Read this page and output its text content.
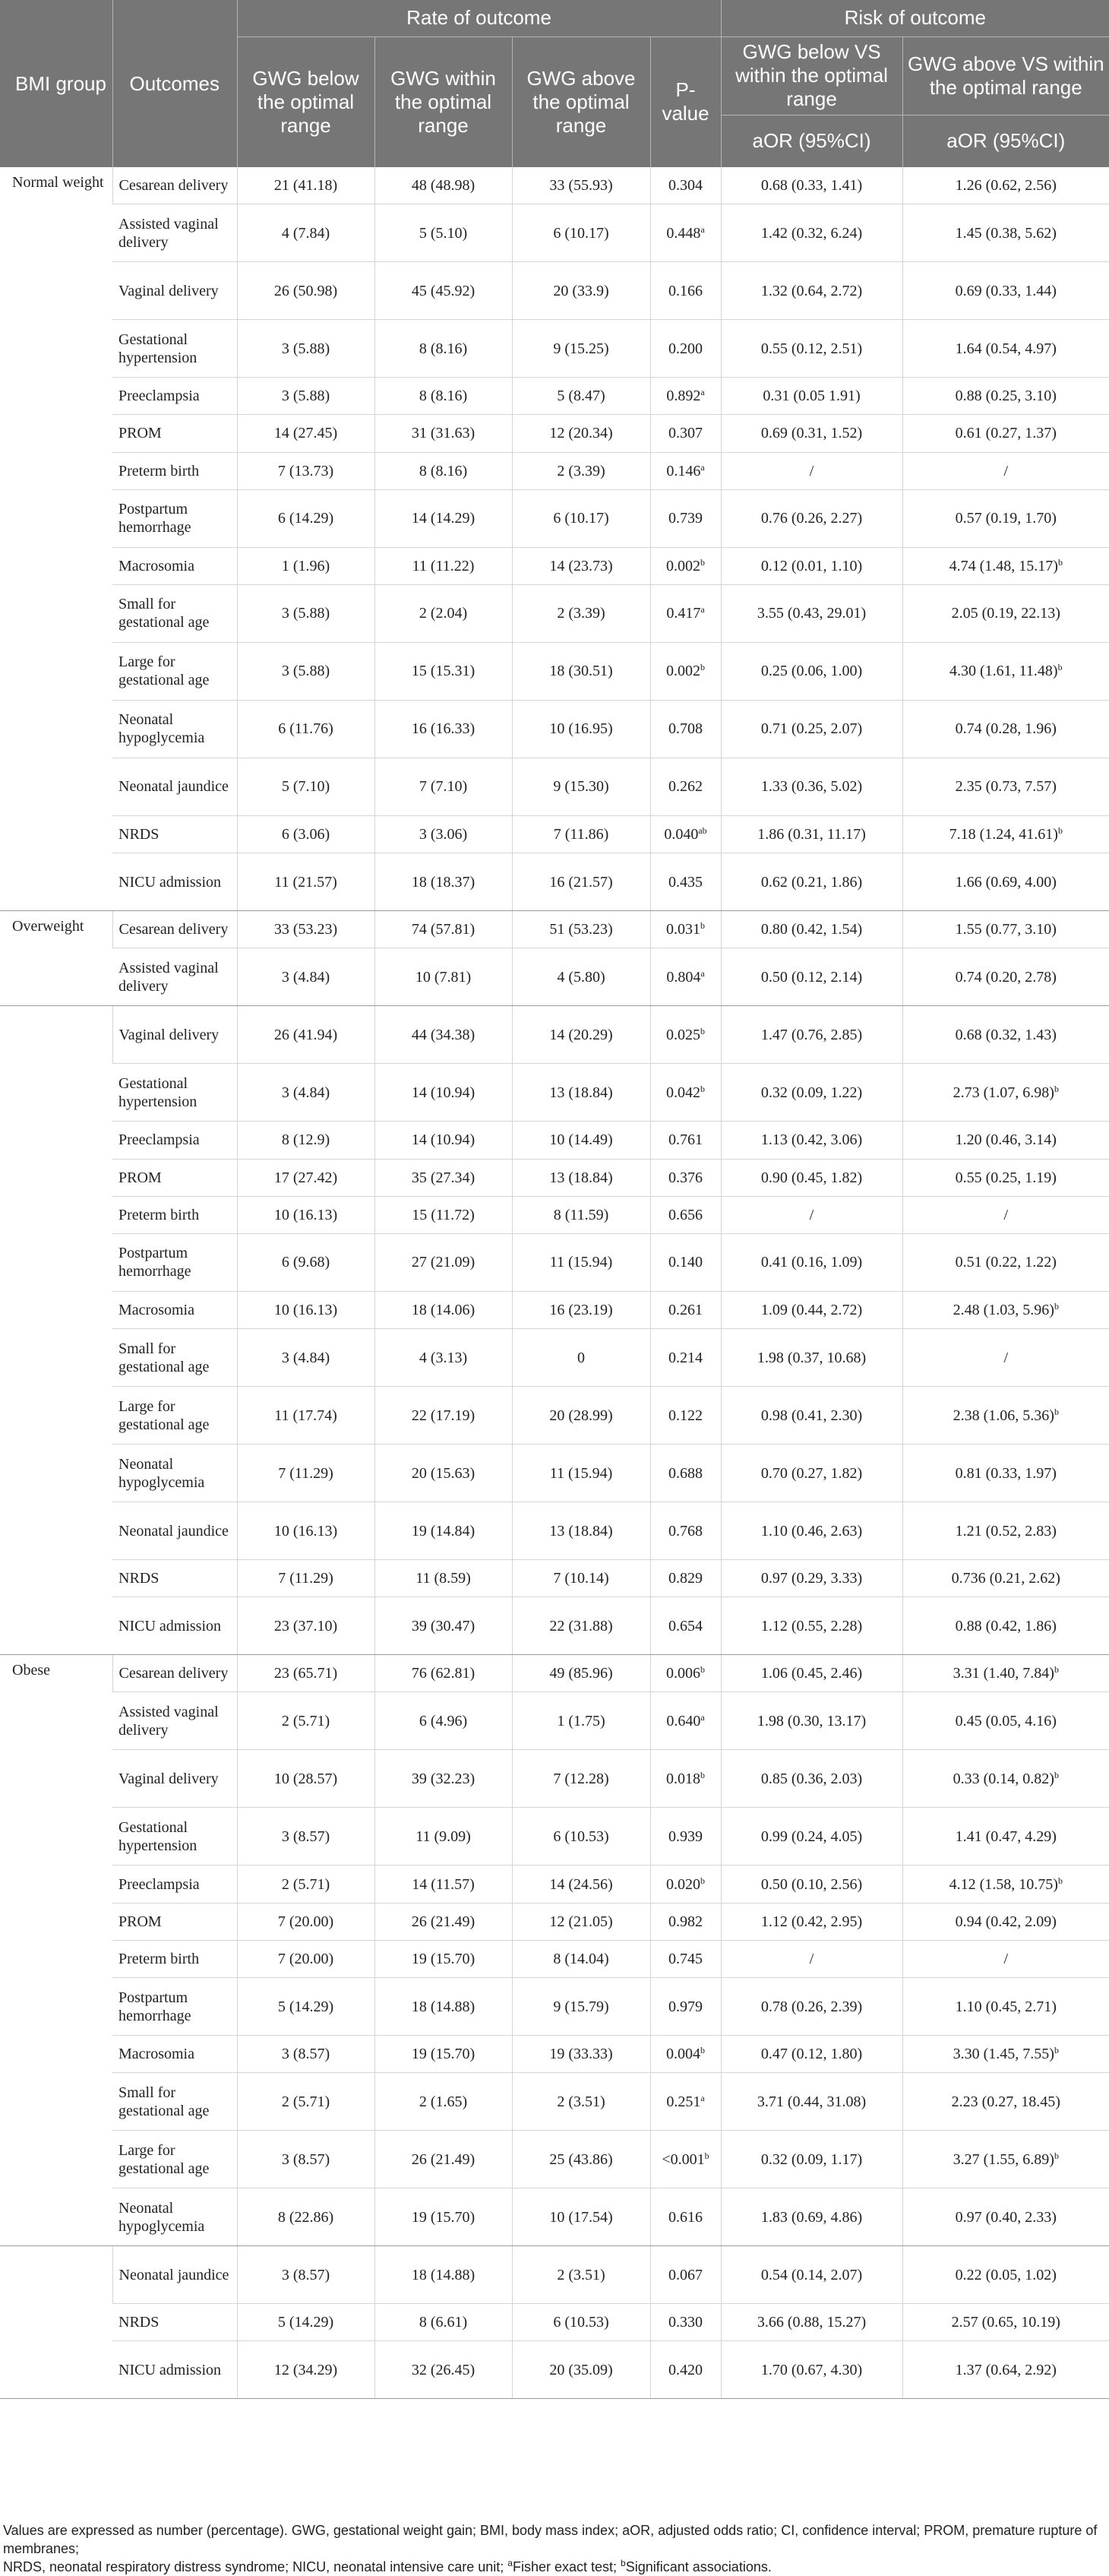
BMI group	Outcomes	Rate of outcome				Risk of outcome	
		GWG below the optimal range	GWG within the optimal range	GWG above the optimal range	P-value	GWG below VS within the optimal range	GWG above VS within the optimal range
						aOR (95%CI)	aOR (95%CI)
Normal weight	Cesarean delivery	21 (41.18)	48 (48.98)	33 (55.93)	0.304	0.68 (0.33, 1.41)	1.26 (0.62, 2.56)
	Assisted vaginal delivery	4 (7.84)	5 (5.10)	6 (10.17)	0.448$^a$	1.42 (0.32, 6.24)	1.45 (0.38, 5.62)
	Vaginal delivery	26 (50.98)	45 (45.92)	20 (33.9)	0.166	1.32 (0.64, 2.72)	0.69 (0.33, 1.44)
	Gestational hypertension	3 (5.88)	8 (8.16)	9 (15.25)	0.200	0.55 (0.12, 2.51)	1.64 (0.54, 4.97)
	Preeclampsia	3 (5.88)	8 (8.16)	5 (8.47)	0.892$^a$	0.31 (0.05 1.91)	0.88 (0.25, 3.10)
	PROM	14 (27.45)	31 (31.63)	12 (20.34)	0.307	0.69 (0.31, 1.52)	0.61 (0.27, 1.37)
	Preterm birth	7 (13.73)	8 (8.16)	2 (3.39)	0.146$^a$	/	/
	Postpartum hemorrhage	6 (14.29)	14 (14.29)	6 (10.17)	0.739	0.76 (0.26, 2.27)	0.57 (0.19, 1.70)
	Macrosomia	1 (1.96)	11 (11.22)	14 (23.73)	0.002$^b$	0.12 (0.01, 1.10)	4.74 (1.48, 15.17)$^b$
	Small for gestational age	3 (5.88)	2 (2.04)	2 (3.39)	0.417$^a$	3.55 (0.43, 29.01)	2.05 (0.19, 22.13)
	Large for gestational age	3 (5.88)	15 (15.31)	18 (30.51)	0.002$^b$	0.25 (0.06, 1.00)	4.30 (1.61, 11.48)$^b$
	Neonatal hypoglycemia	6 (11.76)	16 (16.33)	10 (16.95)	0.708	0.71 (0.25, 2.07)	0.74 (0.28, 1.96)
	Neonatal jaundice	5 (7.10)	7 (7.10)	9 (15.30)	0.262	1.33 (0.36, 5.02)	2.35 (0.73, 7.57)
	NRDS	6 (3.06)	3 (3.06)	7 (11.86)	0.040$^{ab}$	1.86 (0.31, 11.17)	7.18 (1.24, 41.61)$^b$
	NICU admission	11 (21.57)	18 (18.37)	16 (21.57)	0.435	0.62 (0.21, 1.86)	1.66 (0.69, 4.00)
Overweight	Cesarean delivery	33 (53.23)	74 (57.81)	51 (53.23)	0.031$^b$	0.80 (0.42, 1.54)	1.55 (0.77, 3.10)
	Assisted vaginal delivery	3 (4.84)	10 (7.81)	4 (5.80)	0.804$^a$	0.50 (0.12, 2.14)	0.74 (0.20, 2.78)
	Vaginal delivery	26 (41.94)	44 (34.38)	14 (20.29)	0.025$^b$	1.47 (0.76, 2.85)	0.68 (0.32, 1.43)
	Gestational hypertension	3 (4.84)	14 (10.94)	13 (18.84)	0.042$^b$	0.32 (0.09, 1.22)	2.73 (1.07, 6.98)$^b$
	Preeclampsia	8 (12.9)	14 (10.94)	10 (14.49)	0.761	1.13 (0.42, 3.06)	1.20 (0.46, 3.14)
	PROM	17 (27.42)	35 (27.34)	13 (18.84)	0.376	0.90 (0.45, 1.82)	0.55 (0.25, 1.19)
	Preterm birth	10 (16.13)	15 (11.72)	8 (11.59)	0.656	/	/
	Postpartum hemorrhage	6 (9.68)	27 (21.09)	11 (15.94)	0.140	0.41 (0.16, 1.09)	0.51 (0.22, 1.22)
	Macrosomia	10 (16.13)	18 (14.06)	16 (23.19)	0.261	1.09 (0.44, 2.72)	2.48 (1.03, 5.96)$^b$
	Small for gestational age	3 (4.84)	4 (3.13)	0	0.214	1.98 (0.37, 10.68)	/
	Large for gestational age	11 (17.74)	22 (17.19)	20 (28.99)	0.122	0.98 (0.41, 2.30)	2.38 (1.06, 5.36)$^b$
	Neonatal hypoglycemia	7 (11.29)	20 (15.63)	11 (15.94)	0.688	0.70 (0.27, 1.82)	0.81 (0.33, 1.97)
	Neonatal jaundice	10 (16.13)	19 (14.84)	13 (18.84)	0.768	1.10 (0.46, 2.63)	1.21 (0.52, 2.83)
	NRDS	7 (11.29)	11 (8.59)	7 (10.14)	0.829	0.97 (0.29, 3.33)	0.736 (0.21, 2.62)
	NICU admission	23 (37.10)	39 (30.47)	22 (31.88)	0.654	1.12 (0.55, 2.28)	0.88 (0.42, 1.86)
Obese	Cesarean delivery	23 (65.71)	76 (62.81)	49 (85.96)	0.006$^b$	1.06 (0.45, 2.46)	3.31 (1.40, 7.84)$^b$
	Assisted vaginal delivery	2 (5.71)	6 (4.96)	1 (1.75)	0.640$^a$	1.98 (0.30, 13.17)	0.45 (0.05, 4.16)
	Vaginal delivery	10 (28.57)	39 (32.23)	7 (12.28)	0.018$^b$	0.85 (0.36, 2.03)	0.33 (0.14, 0.82)$^b$
	Gestational hypertension	3 (8.57)	11 (9.09)	6 (10.53)	0.939	0.99 (0.24, 4.05)	1.41 (0.47, 4.29)
	Preeclampsia	2 (5.71)	14 (11.57)	14 (24.56)	0.020$^b$	0.50 (0.10, 2.56)	4.12 (1.58, 10.75)$^b$
	PROM	7 (20.00)	26 (21.49)	12 (21.05)	0.982	1.12 (0.42, 2.95)	0.94 (0.42, 2.09)
	Preterm birth	7 (20.00)	19 (15.70)	8 (14.04)	0.745	/	/
	Postpartum hemorrhage	5 (14.29)	18 (14.88)	9 (15.79)	0.979	0.78 (0.26, 2.39)	1.10 (0.45, 2.71)
	Macrosomia	3 (8.57)	19 (15.70)	19 (33.33)	0.004$^b$	0.47 (0.12, 1.80)	3.30 (1.45, 7.55)$^b$
	Small for gestational age	2 (5.71)	2 (1.65)	2 (3.51)	0.251$^a$	3.71 (0.44, 31.08)	2.23 (0.27, 18.45)
	Large for gestational age	3 (8.57)	26 (21.49)	25 (43.86)	<0.001$^b$	0.32 (0.09, 1.17)	3.27 (1.55, 6.89)$^b$
	Neonatal hypoglycemia	8 (22.86)	19 (15.70)	10 (17.54)	0.616	1.83 (0.69, 4.86)	0.97 (0.40, 2.33)
	Neonatal jaundice	3 (8.57)	18 (14.88)	2 (3.51)	0.067	0.54 (0.14, 2.07)	0.22 (0.05, 1.02)
	NRDS	5 (14.29)	8 (6.61)	6 (10.53)	0.330	3.66 (0.88, 15.27)	2.57 (0.65, 10.19)
	NICU admission	12 (34.29)	32 (26.45)	20 (35.09)	0.420	1.70 (0.67, 4.30)	1.37 (0.64, 2.92)
Values are expressed as number (percentage). GWG, gestational weight gain; BMI, body mass index; aOR, adjusted odds ratio; CI, confidence interval; PROM, premature rupture of membranes;
NRDS, neonatal respiratory distress syndrome; NICU, neonatal intensive care unit; $^a$Fisher exact test; $^b$Significant associations.
